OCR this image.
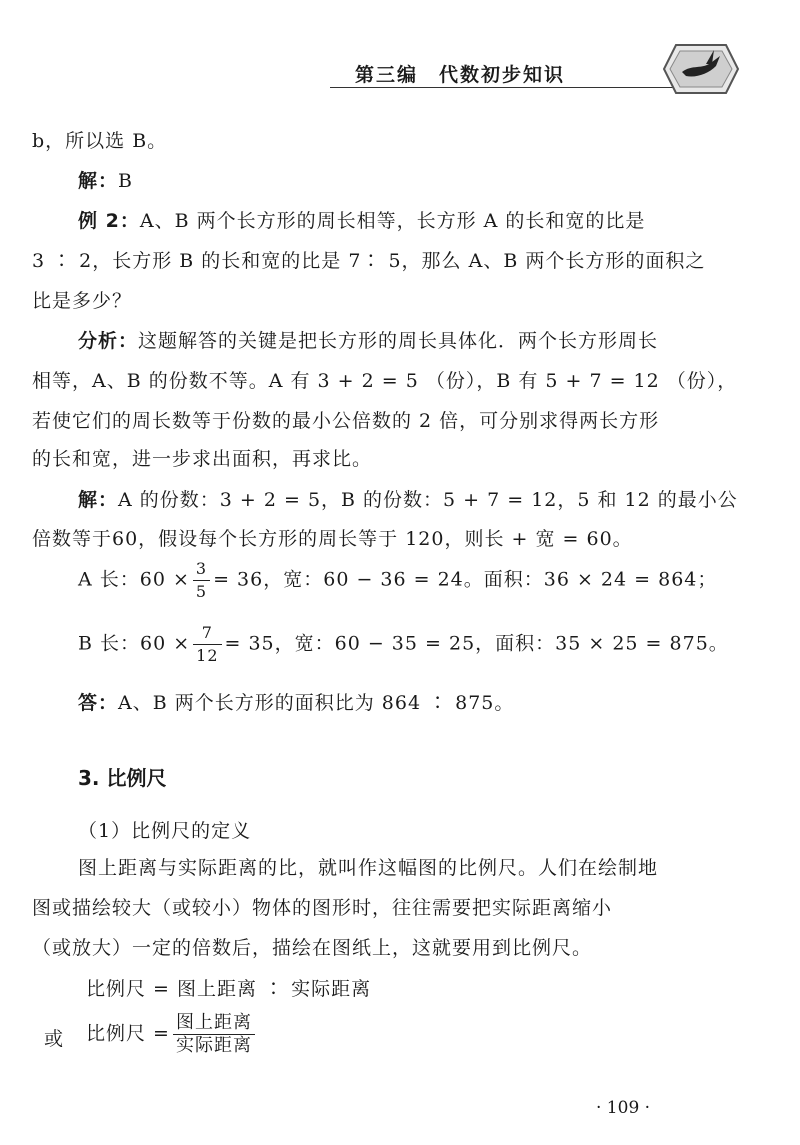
第三编　代数初步知识
b，所以选 B。
解：B
例 2：A、B 两个长方形的周长相等，长方形 A 的长和宽的比是
3 ∶ 2，长方形 B 的长和宽的比是 7∶ 5，那么 A、B 两个长方形的面积之
比是多少？
分析：这题解答的关键是把长方形的周长具体化．两个长方形周长
相等，A、B 的份数不等。A 有 3 + 2 = 5 （份），B 有 5 + 7 = 12 （份），
若使它们的周长数等于份数的最小公倍数的 2 倍，可分别求得两长方形
的长和宽，进一步求出面积，再求比。
解：A 的份数：3 + 2 = 5，B 的份数：5 + 7 = 12，5 和 12 的最小公
倍数等于60，假设每个长方形的周长等于 120，则长 + 宽 = 60。
A 长：$60 \times \frac{3}{5} = 36$，宽：60 − 36 = 24。面积：36 × 24 = 864；
B 长：$60 \times \frac{7}{12} = 35$，宽：60 − 35 = 25，面积：35 × 25 = 875。
答：A、B 两个长方形的面积比为 864 ∶ 875。
3. 比例尺
（1）比例尺的定义
图上距离与实际距离的比，就叫作这幅图的比例尺。人们在绘制地
图或描绘较大（或较小）物体的图形时，往往需要把实际距离缩小
（或放大）一定的倍数后，描绘在图纸上，这就要用到比例尺。
比例尺 = 图上距离 ∶ 实际距离
或 比例尺 = $\frac{\text{图上距离}}{\text{实际距离}}$
· 109 ·
